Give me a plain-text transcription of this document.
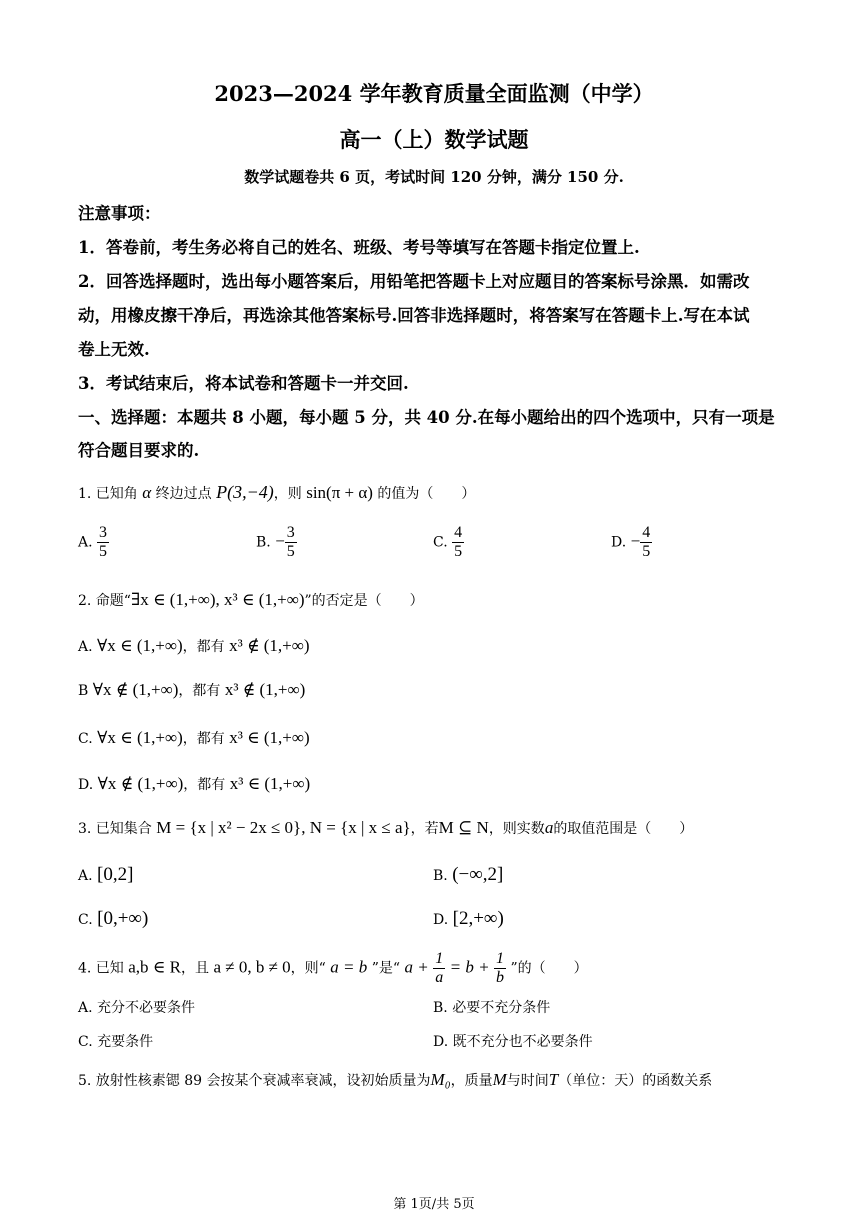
2023—2024 学年教育质量全面监测（中学）
高一（上）数学试题
数学试题卷共 6 页，考试时间 120 分钟，满分 150 分.
注意事项：
1．答卷前，考生务必将自己的姓名、班级、考号等填写在答题卡指定位置上.
2．回答选择题时，选出每小题答案后，用铅笔把答题卡上对应题目的答案标号涂黑．如需改
动，用橡皮擦干净后，再选涂其他答案标号.回答非选择题时，将答案写在答题卡上.写在本试
卷上无效.
3．考试结束后，将本试卷和答题卡一并交回.
一、选择题：本题共 8 小题，每小题 5 分，共 40 分.在每小题给出的四个选项中，只有一项是
符合题目要求的.
1. 已知角 α 终边过点 P(3,−4)，则 sin(π + α) 的值为（　　）
A. $\frac{3}{5}$	B. − $\frac{3}{5}$	C. $\frac{4}{5}$	D. − $\frac{4}{5}$
2. 命题“∃x ∈ (1,+∞), x³ ∈ (1,+∞)”的否定是（　　）
A. ∀x ∈ (1,+∞)，都有 x³ ∉ (1,+∞)
B ∀x ∉ (1,+∞)，都有 x³ ∉ (1,+∞)
C. ∀x ∈ (1,+∞)，都有 x³ ∈ (1,+∞)
D. ∀x ∉ (1,+∞)，都有 x³ ∈ (1,+∞)
3. 已知集合 M = {x | x² − 2x ≤ 0}, N = {x | x ≤ a}，若M ⊆ N，则实数a的取值范围是（　　）
A. [0,2]	B. (−∞,2]
C. [0,+∞)	D. [2,+∞)
4. 已知 a,b ∈ R，且 a ≠ 0, b ≠ 0，则“ a = b ”是“ $a + \frac{1}{a} = b + \frac{1}{b}$ ”的（　　）
A. 充分不必要条件	B. 必要不充分条件
C. 充要条件	D. 既不充分也不必要条件
5. 放射性核素锶 89 会按某个衰减率衰减，设初始质量为M₀，质量M与时间T（单位：天）的函数关系
第 1页/共 5页
